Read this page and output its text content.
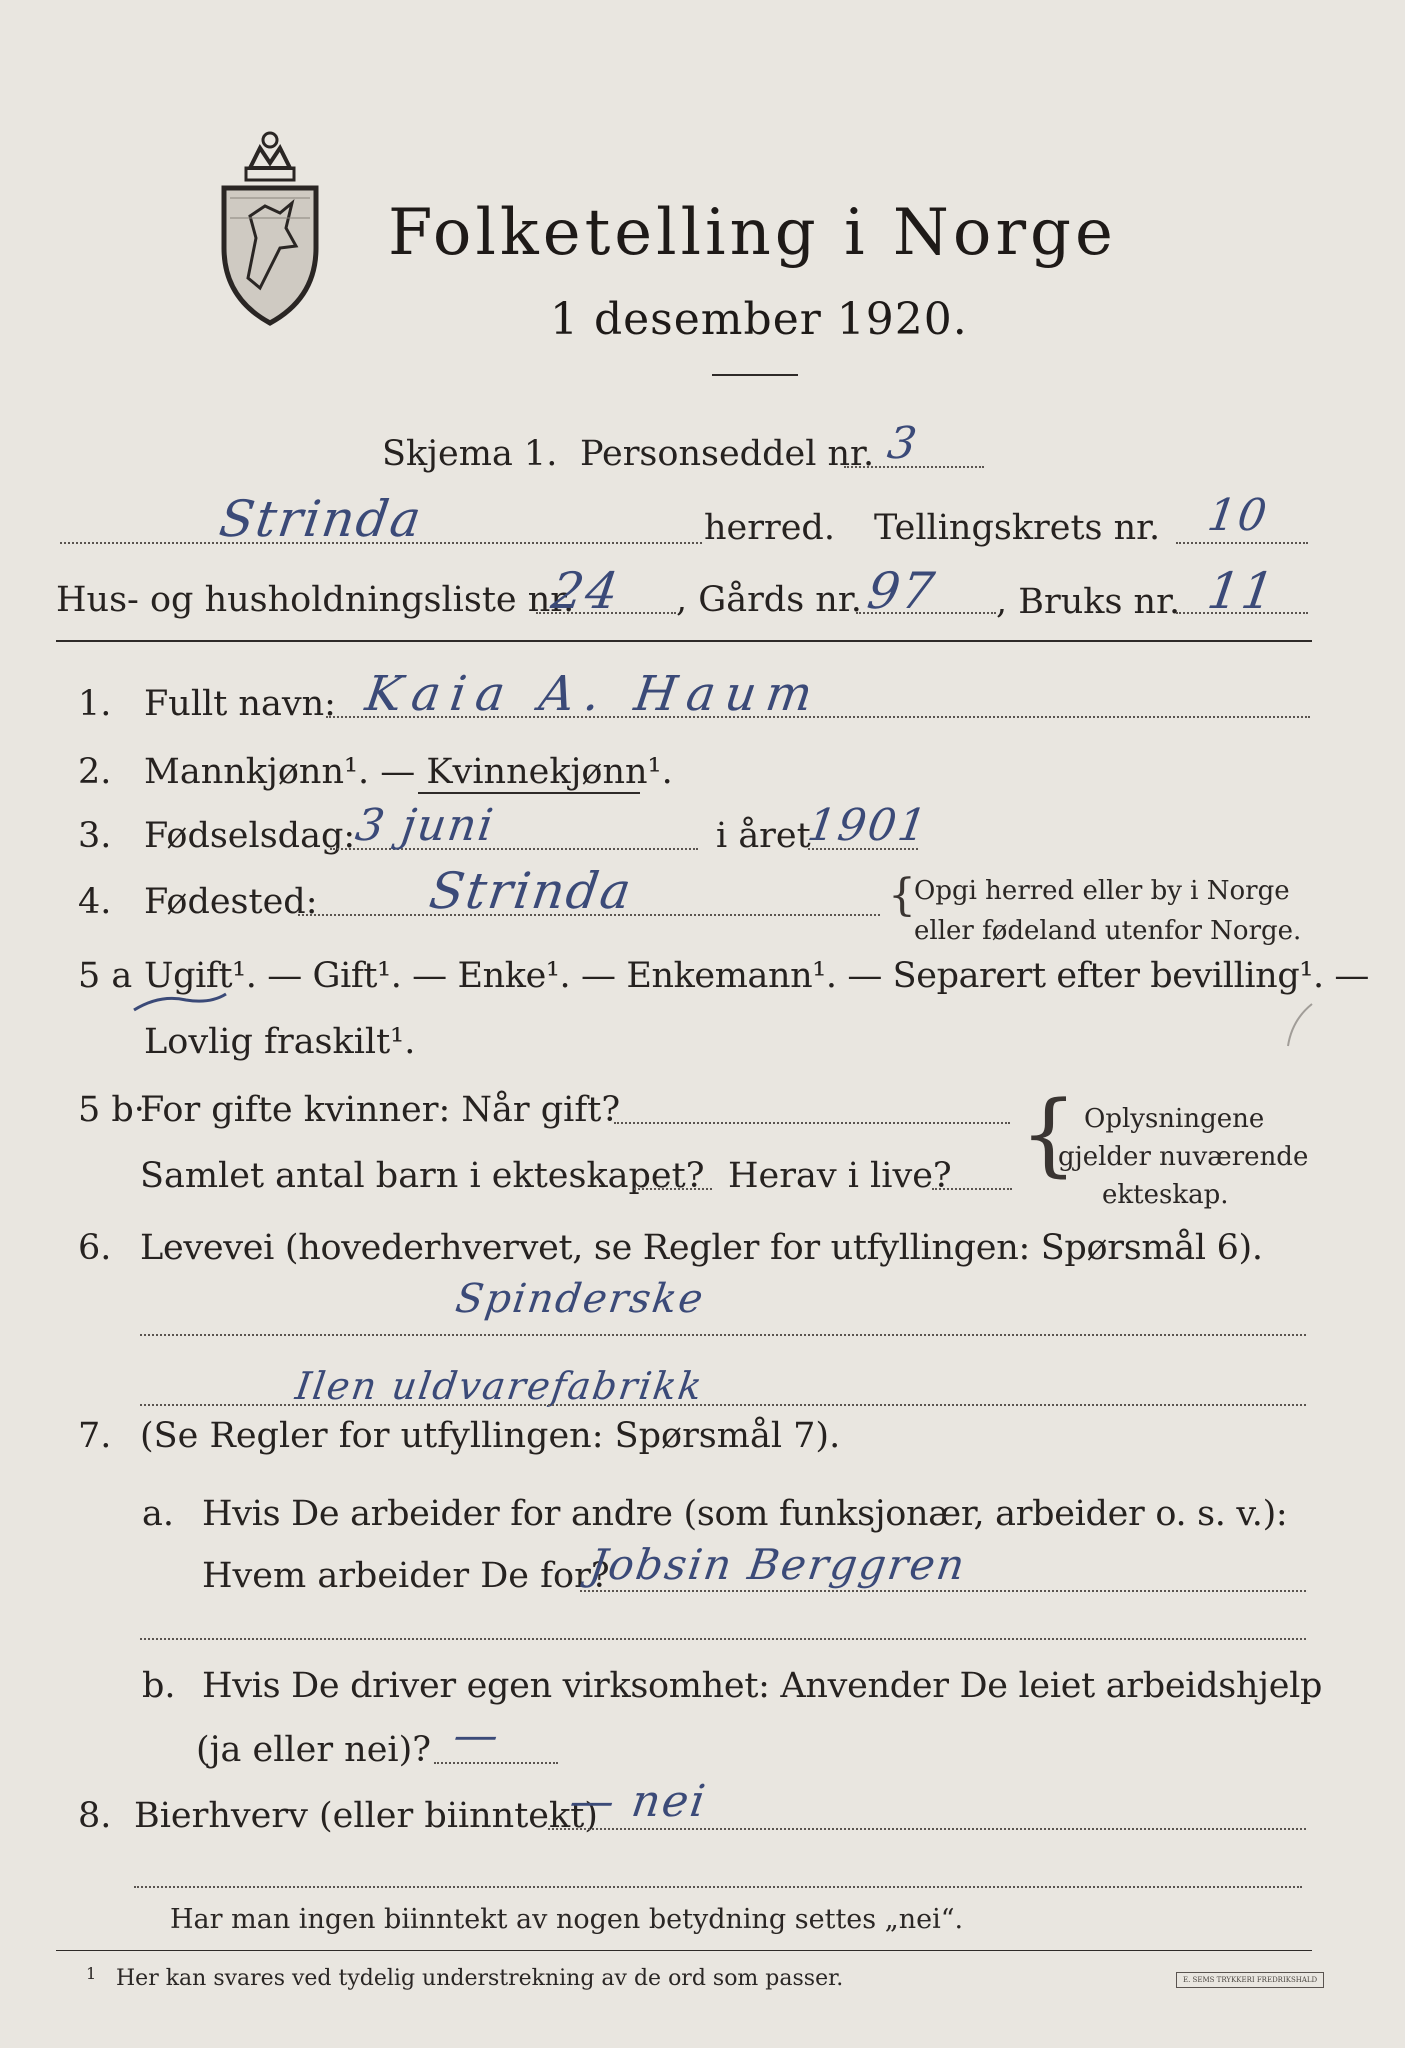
Folketelling i Norge
1 desember 1920.
Skjema 1. Personseddel nr. 3
Strinda	herred. Tellingskrets nr. 10
Hus- og husholdningsliste nr.
24 , Gårds nr. 97 , Bruks nr. 11
1. Fullt navn: Kaia A. Haum
2. Mannkjønn¹. — Kvinnekjønn¹.
3. Fødselsdag:
3 juni	i året
1901
4. Fødested: Strinda	{
Opgi herred eller by i Norge
eller fødeland utenfor Norge.
5 a Ugift¹. — Gift¹. — Enke¹. — Enkemann¹. — Separert efter bevilling¹. —
Lovlig fraskilt¹.
5 b·
For gifte kvinner: Når gift?
Samlet antal barn i ekteskapet? Herav i live? { Oplysningene
gjelder nuværende
ekteskap.
6. Levevei (hovederhvervet, se Regler for utfyllingen: Spørsmål 6).
Spinderske
Ilen uldvarefabrikk
7. (Se Regler for utfyllingen: Spørsmål 7).
a. Hvis De arbeider for andre (som funksjonær, arbeider o. s. v.):
Hvem arbeider De for?
Jobsin Berggren
b. Hvis De driver egen virksomhet: Anvender De leiet arbeidshjelp
(ja eller nei)? —
8. Bierhverv (eller biinntekt)
— nei
Har man ingen biinntekt av nogen betydning settes „nei“.
1 Her kan svares ved tydelig understrekning av de ord som passer.	E. SEMS TRYKKERI FREDRIKSHALD
